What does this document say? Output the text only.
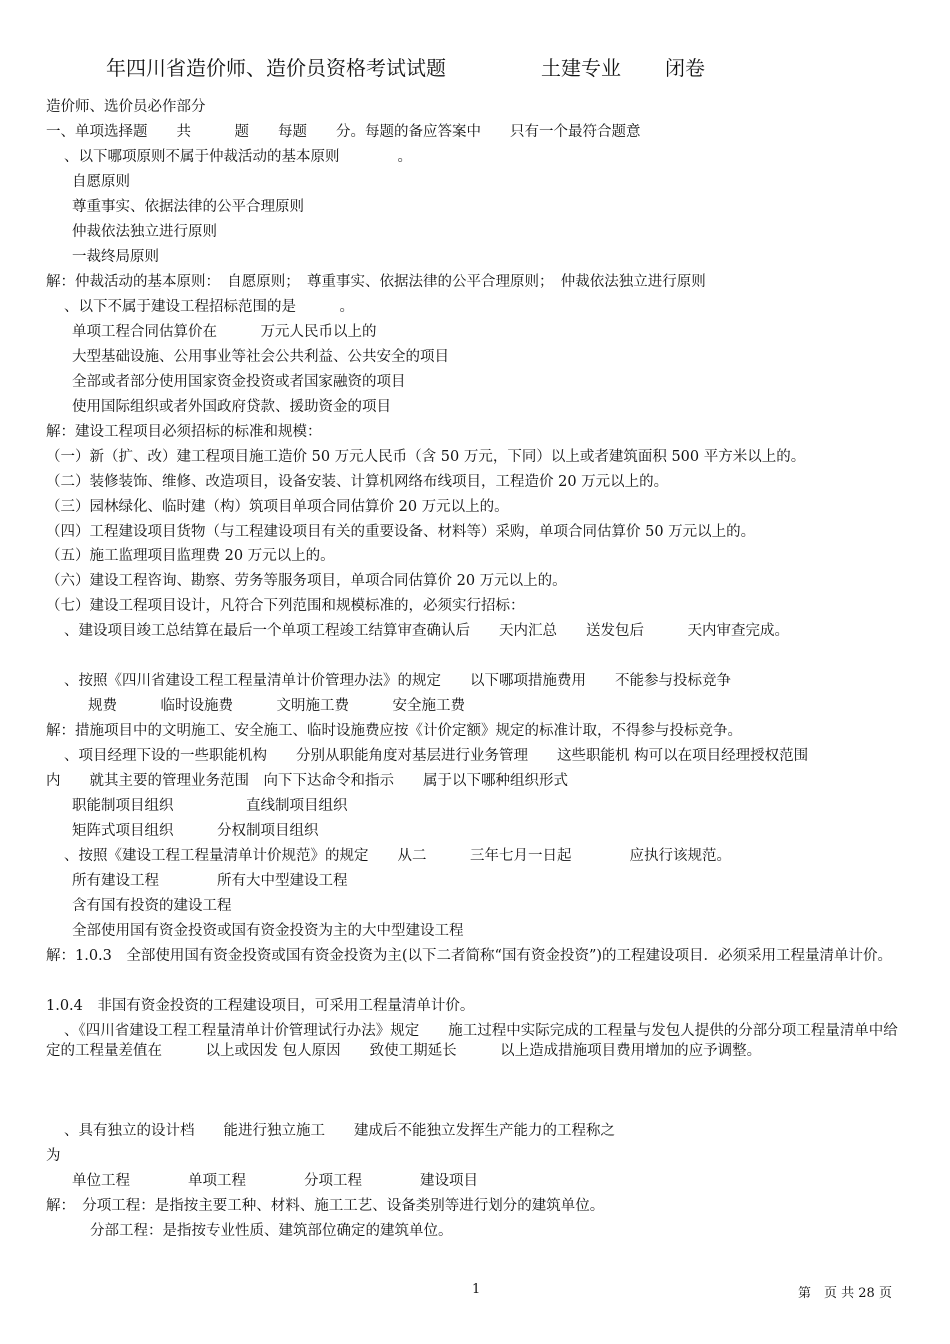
年四川省造价师、造价员资格考试试题	土建专业 闭卷
造价师、选价员必作部分
一、单项选择题　　共　　　题　　每题　　分。每题的备应答案中　　只有一个最符合题意
、以下哪项原则不属于仲裁活动的基本原则　　　　。
自愿原则
尊重事实、依据法律的公平合理原则
仲裁依法独立进行原则
一裁终局原则
解：仲裁活动的基本原则：　自愿原则；　尊重事实、依据法律的公平合理原则；　仲裁依法独立进行原则
、以下不属于建设工程招标范围的是　　　。
单项工程合同估算价在　　　万元人民币以上的
大型基础设施、公用事业等社会公共利益、公共安全的项目
全部或者部分使用国家资金投资或者国家融资的项目
使用国际组织或者外国政府贷款、援助资金的项目
解：建设工程项目必须招标的标准和规模：
（一）新（扩、改）建工程项目施工造价 50 万元人民币（含 50 万元，下同）以上或者建筑面积 500 平方米以上的。
（二）装修装饰、维修、改造项目，设备安装、计算机网络布线项目，工程造价 20 万元以上的。
（三）园林绿化、临时建（构）筑项目单项合同估算价 20 万元以上的。
（四）工程建设项目货物（与工程建设项目有关的重要设备、材料等）采购，单项合同估算价 50 万元以上的。
（五）施工监理项目监理费 20 万元以上的。
（六）建设工程咨询、勘察、劳务等服务项目，单项合同估算价 20 万元以上的。
（七）建设工程项目设计，凡符合下列范围和规模标准的，必须实行招标：
、建设项目竣工总结算在最后一个单项工程竣工结算审查确认后　　天内汇总　　送发包后　　　天内审查完成。
、按照《四川省建设工程工程量清单计价管理办法》的规定　　以下哪项措施费用　　不能参与投标竞争
规费　　　临时设施费　　　文明施工费　　　安全施工费
解：措施项目中的文明施工、安全施工、临时设施费应按《计价定额》规定的标准计取，不得参与投标竞争。
、项目经理下设的一些职能机构　　分别从职能角度对基层进行业务管理　　这些职能机 构可以在项目经理授权范围
内　　就其主要的管理业务范围　向下下达命令和指示　　属于以下哪种组织形式
职能制项目组织　　　　　直线制项目组织
矩阵式项目组织　　　分权制项目组织
、按照《建设工程工程量清单计价规范》的规定　　从二　　　三年七月一日起　　　　应执行该规范。
所有建设工程　　　　所有大中型建设工程
含有国有投资的建设工程
全部使用国有资金投资或国有资金投资为主的大中型建设工程
解：1.0.3　全部使用国有资金投资或国有资金投资为主(以下二者简称“国有资金投资”)的工程建设项目．必须采用工程量清单计价。
1.0.4　非国有资金投资的工程建设项目，可采用工程量清单计价。
、《四川省建设工程工程量清单计价管理试行办法》规定　　施工过程中实际完成的工程量与发包人提供的分部分项工程量清单中给定的工程量差值在　　　以上或因发 包人原因　　致使工期延长　　　以上造成措施项目费用增加的应予调整。
、具有独立的设计档　　能进行独立施工　　建成后不能独立发挥生产能力的工程称之
为
单位工程　　　　单项工程　　　　分项工程　　　　建设项目
解：　分项工程：是指按主要工种、材料、施工工艺、设备类别等进行划分的建筑单位。
分部工程：是指按专业性质、建筑部位确定的建筑单位。
1	第　页 共 28 页
